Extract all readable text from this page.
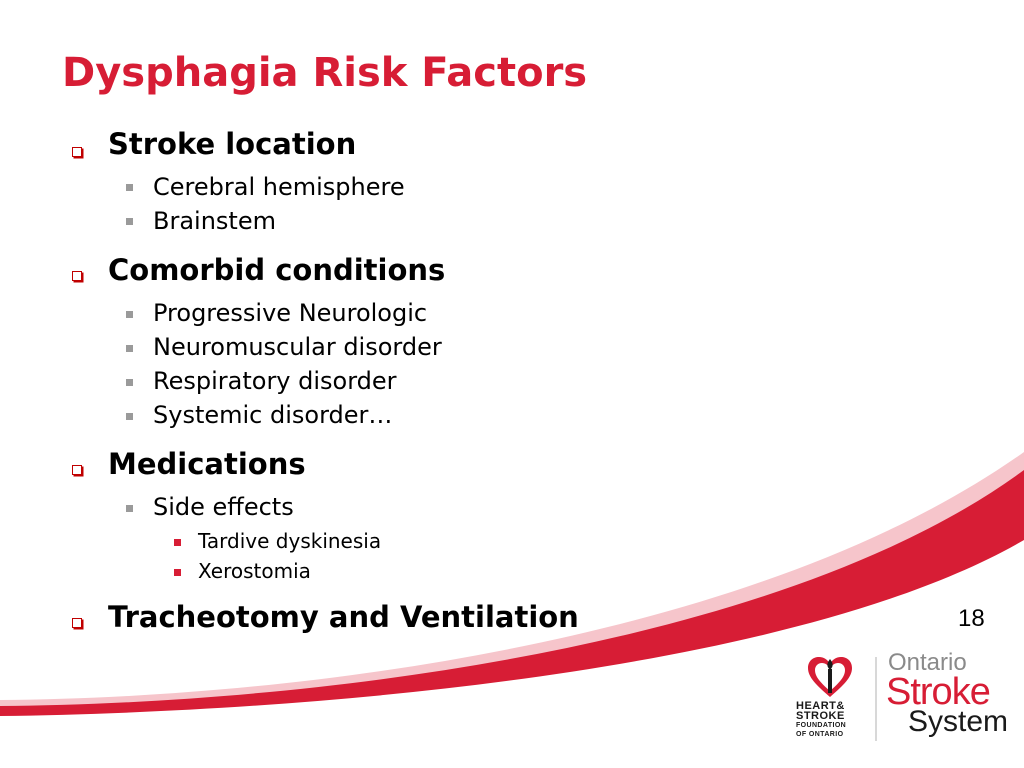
Dysphagia Risk Factors
Stroke location
Cerebral hemisphere
Brainstem
Comorbid conditions
Progressive Neurologic
Neuromuscular disorder
Respiratory disorder
Systemic disorder…
Medications
Side effects
Tardive dyskinesia
Xerostomia
Tracheotomy and Ventilation	18
HEART&
STROKE
FOUNDATION
OF ONTARIO
Ontario
Stroke
System
